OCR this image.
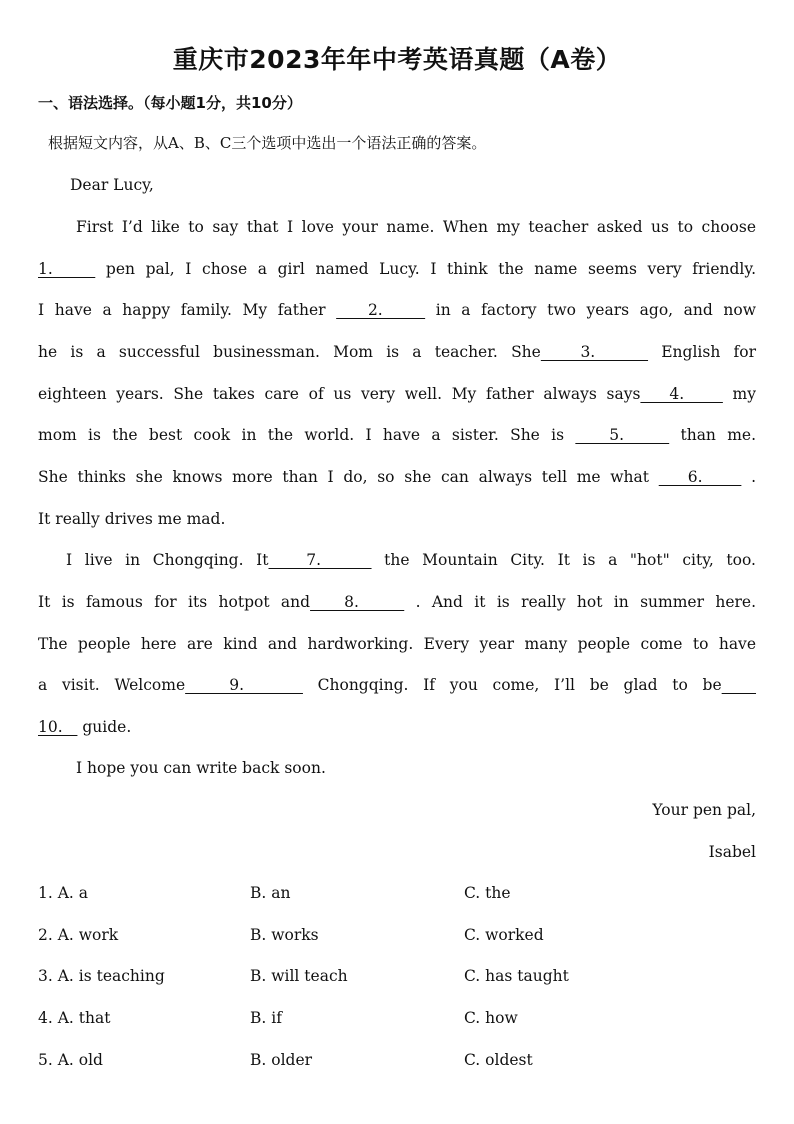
重庆市2023年年中考英语真题（A卷）

一、语法选择。（每小题1分，共10分）

根据短文内容，从A、B、C三个选项中选出一个语法正确的答案。

Dear Lucy,

First I’d like to say that I love your name. When my teacher asked us to choose

1.     pen pal, I chose a girl named Lucy. I think the name seems very friendly.

I have a happy family. My father    2.     in a factory two years ago, and now

he is a successful businessman. Mom is a teacher. She   3.     English for

eighteen years. She takes care of us very well. My father always says   4.     my

mom is the best cook in the world. I have a sister. She is    5.     than me.

She thinks she knows more than I do, so she can always tell me what    6.     .

It really drives me mad.

I live in Chongqing. It   7.     the Mountain City. It is a "hot" city, too.

It is famous for its hotpot and   8.     . And it is really hot in summer here.

The people here are kind and hardworking. Every year many people come to have

a visit. Welcome   9.     Chongqing. If you come, I’ll be glad to be

10.    guide.

I hope you can write back soon.

Your pen pal,

Isabel

1. A. a	B. an	C. the
2. A. work	B. works	C. worked
3. A. is teaching	B. will teach	C. has taught
4. A. that	B. if	C. how
5. A. old	B. older	C. oldest
